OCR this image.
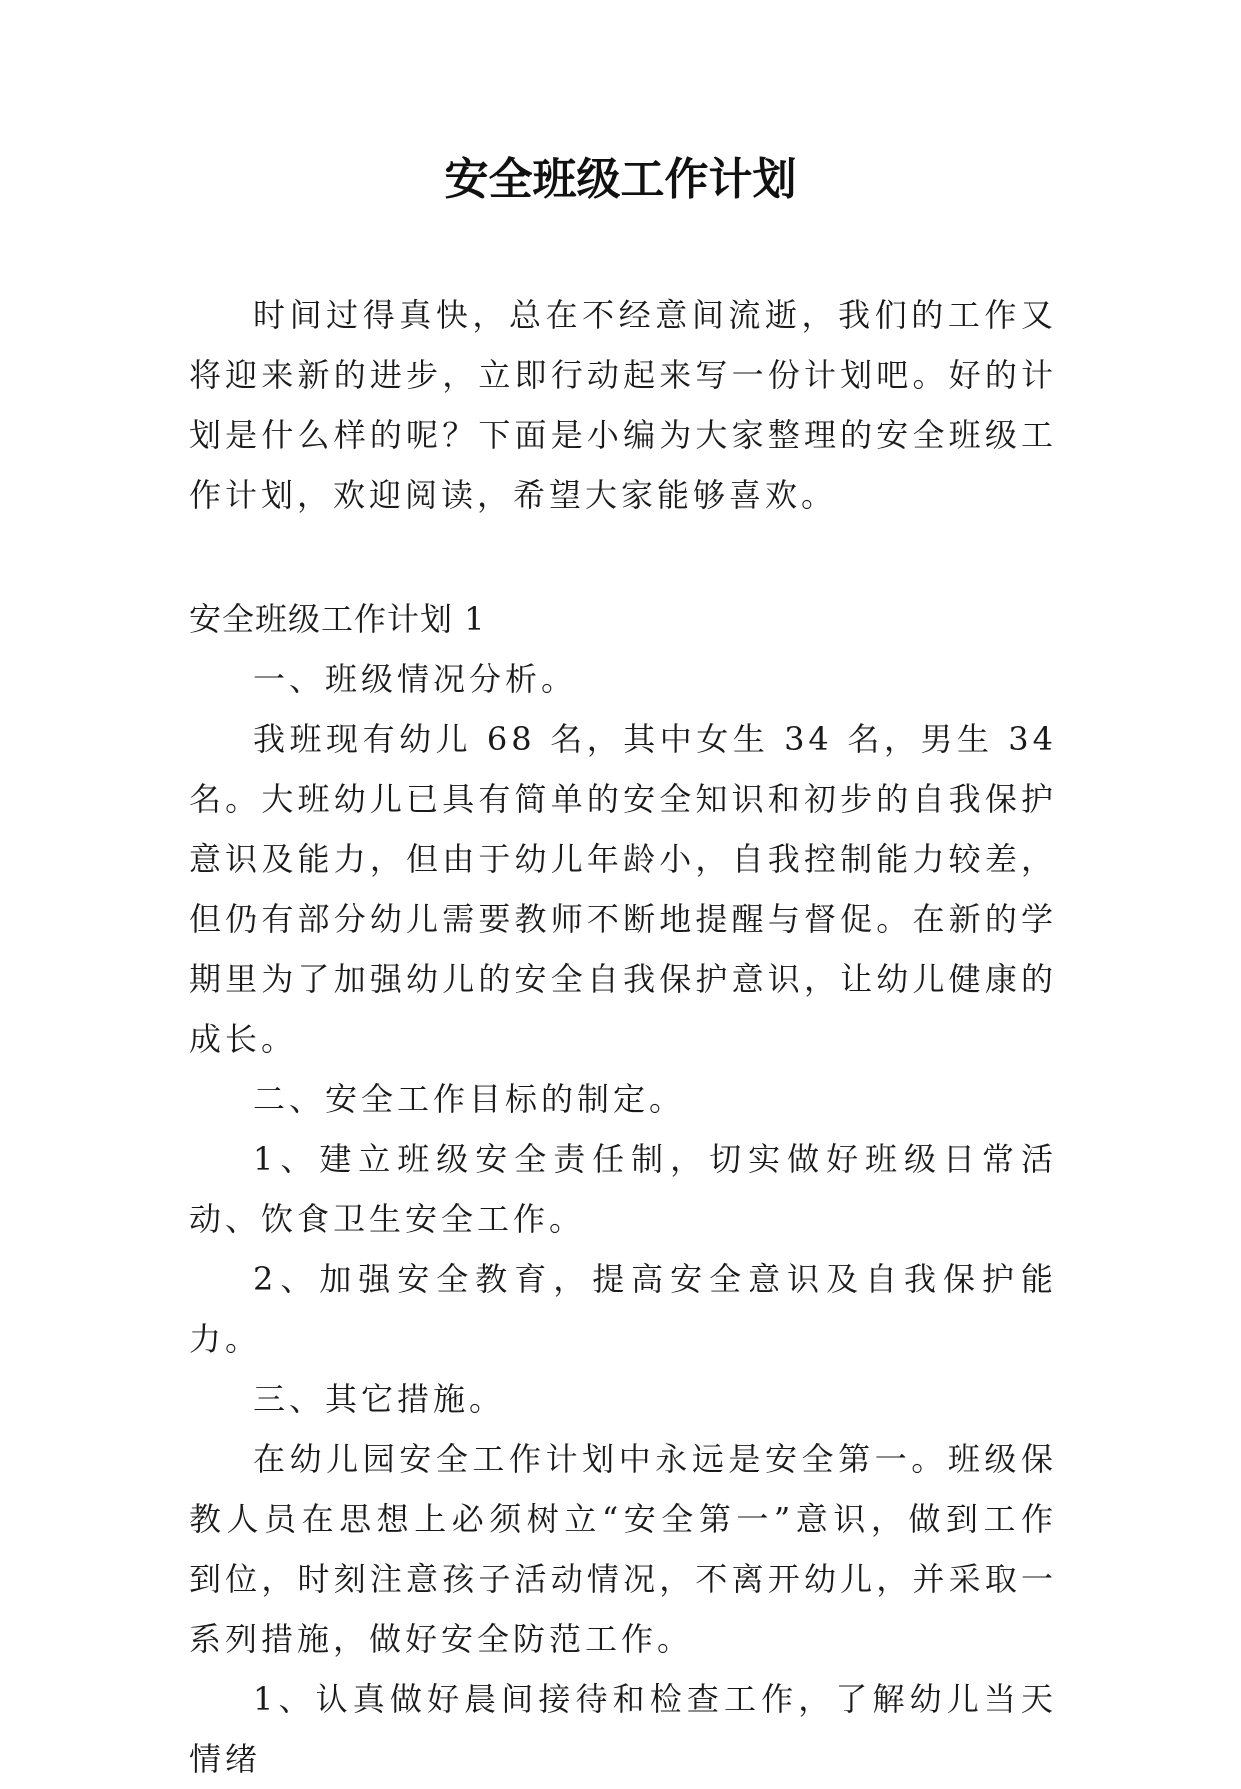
安全班级工作计划

时间过得真快，总在不经意间流逝，我们的工作又将迎来新的进步，立即行动起来写一份计划吧。好的计划是什么样的呢？下面是小编为大家整理的安全班级工作计划，欢迎阅读，希望大家能够喜欢。

安全班级工作计划 1

一、班级情况分析。

我班现有幼儿 68 名，其中女生 34 名，男生 34 名。大班幼儿已具有简单的安全知识和初步的自我保护意识及能力，但由于幼儿年龄小，自我控制能力较差，但仍有部分幼儿需要教师不断地提醒与督促。在新的学期里为了加强幼儿的安全自我保护意识，让幼儿健康的成长。

二、安全工作目标的制定。

1、建立班级安全责任制，切实做好班级日常活动、饮食卫生安全工作。

2、加强安全教育，提高安全意识及自我保护能力。

三、其它措施。

在幼儿园安全工作计划中永远是安全第一。班级保教人员在思想上必须树立“安全第一”意识，做到工作到位，时刻注意孩子活动情况，不离开幼儿，并采取一系列措施，做好安全防范工作。

1、认真做好晨间接待和检查工作，了解幼儿当天情绪
